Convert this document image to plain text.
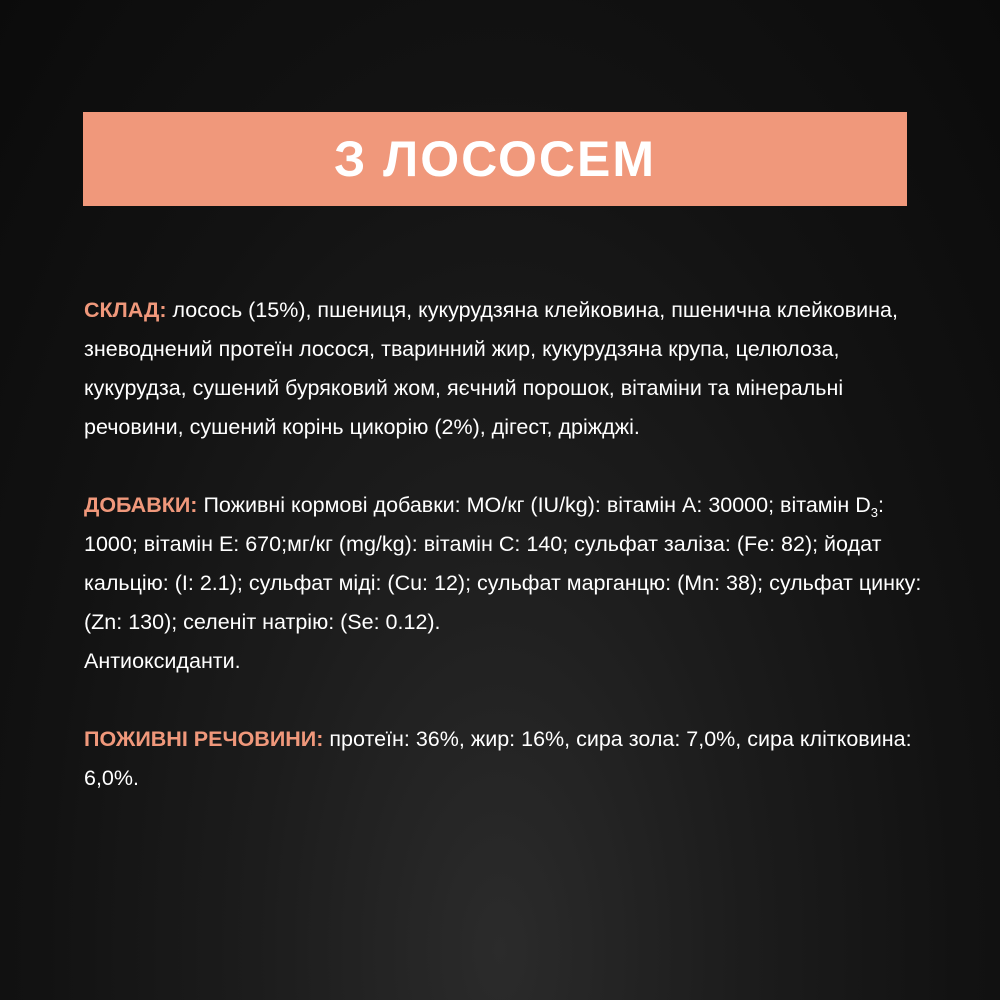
З ЛОСОСЕМ

СКЛАД: лосось (15%), пшениця, кукурудзяна клейковина, пшенична клейковина, зневоднений протеїн лосося, тваринний жир, кукурудзяна крупа, целюлоза, кукурудза, сушений буряковий жом, яєчний порошок, вітаміни та мінеральні речовини, сушений корінь цикорію (2%), дігест, дріжджі.

ДОБАВКИ: Поживні кормові добавки: МО/кг (IU/kg): вітамін A: 30000; вітамін $D_3$: 1000; вітамін E: 670;мг/кг (mg/kg): вітамін C: 140; сульфат заліза: (Fe: 82); йодат кальцію: (I: 2.1); сульфат міді: (Cu: 12); сульфат марганцю: (Mn: 38); сульфат цинку: (Zn: 130); селеніт натрію: (Se: 0.12).
Антиоксиданти.

ПОЖИВНІ РЕЧОВИНИ: протеїн: 36%, жир: 16%, сира зола: 7,0%, сира клітковина: 6,0%.
